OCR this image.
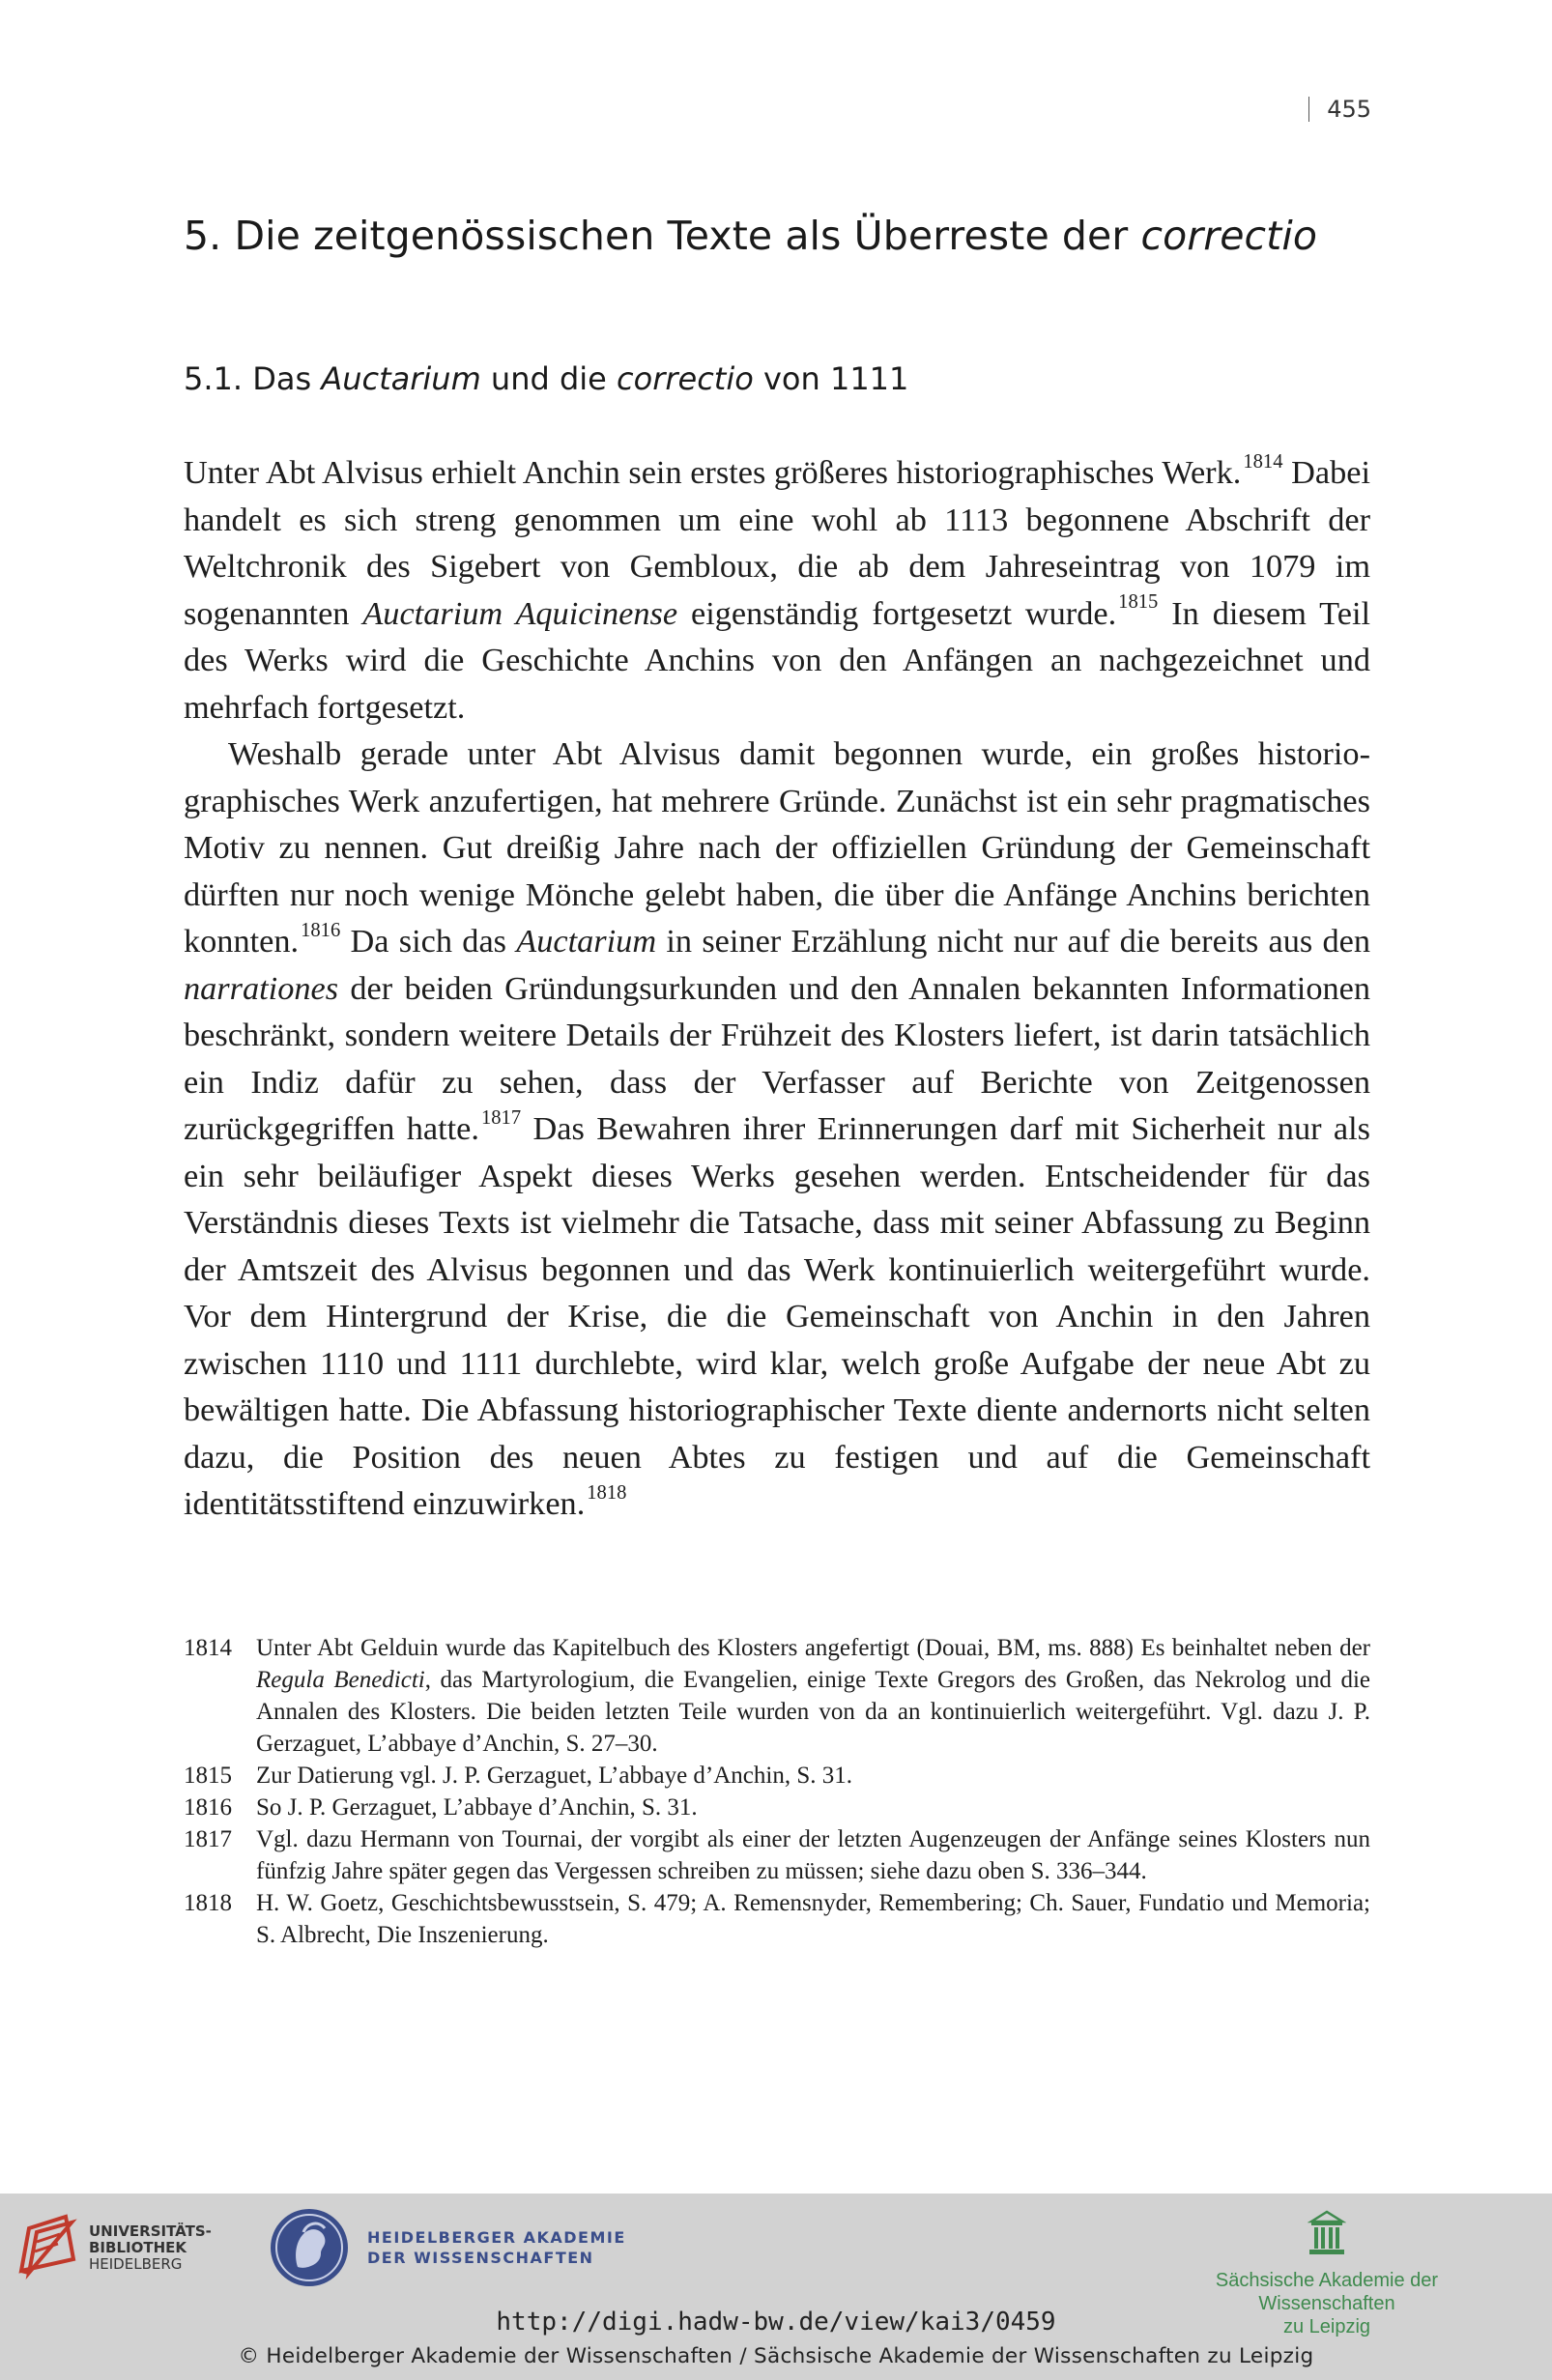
455
5. Die zeitgenössischen Texte als Überreste der correctio
5.1. Das Auctarium und die correctio von 1111

Unter Abt Alvisus erhielt Anchin sein erstes größeres historiographisches Werk.$^{1814}$ Dabei handelt es sich streng genommen um eine wohl ab 1113 begonnene Abschrift der Weltchronik des Sigebert von Gembloux, die ab dem Jahreseintrag von 1079 im sogenannten Auctarium Aquicinense eigenständig fortgesetzt wurde.$^{1815}$ In diesem Teil des Werks wird die Geschichte Anchins von den Anfängen an nachgezeichnet und mehrfach fortgesetzt.

Weshalb gerade unter Abt Alvisus damit begonnen wurde, ein großes historiographisches Werk anzufertigen, hat mehrere Gründe. Zunächst ist ein sehr pragmatisches Motiv zu nennen. Gut dreißig Jahre nach der offiziellen Gründung der Gemeinschaft dürften nur noch wenige Mönche gelebt haben, die über die Anfänge Anchins berichten konnten.$^{1816}$ Da sich das Auctarium in seiner Erzählung nicht nur auf die bereits aus den narrationes der beiden Gründungsurkunden und den Annalen bekannten Informationen beschränkt, sondern weitere Details der Frühzeit des Klosters liefert, ist darin tatsächlich ein Indiz dafür zu sehen, dass der Verfasser auf Berichte von Zeitgenossen zurückgegriffen hatte.$^{1817}$ Das Bewahren ihrer Erinnerungen darf mit Sicherheit nur als ein sehr beiläufiger Aspekt dieses Werks gesehen werden. Entscheidender für das Verständnis dieses Texts ist vielmehr die Tatsache, dass mit seiner Abfassung zu Beginn der Amtszeit des Alvisus begonnen und das Werk kontinuierlich weitergeführt wurde. Vor dem Hintergrund der Krise, die die Gemeinschaft von Anchin in den Jahren zwischen 1110 und 1111 durchlebte, wird klar, welch große Aufgabe der neue Abt zu bewältigen hatte. Die Abfassung historiographischer Texte diente andernorts nicht selten dazu, die Position des neuen Abtes zu festigen und auf die Gemeinschaft identitätsstiftend einzuwirken.$^{1818}$

1814	Unter Abt Gelduin wurde das Kapitelbuch des Klosters angefertigt (Douai, BM, ms. 888) Es beinhaltet neben der Regula Benedicti, das Martyrologium, die Evangelien, einige Texte Gregors des Großen, das Nekrolog und die Annalen des Klosters. Die beiden letzten Teile wurden von da an kontinuierlich weitergeführt. Vgl. dazu J. P. Gerzaguet, L’abbaye d’Anchin, S. 27–30.
1815	Zur Datierung vgl. J. P. Gerzaguet, L’abbaye d’Anchin, S. 31.
1816	So J. P. Gerzaguet, L’abbaye d’Anchin, S. 31.
1817	Vgl. dazu Hermann von Tournai, der vorgibt als einer der letzten Augenzeugen der Anfänge seines Klosters nun fünfzig Jahre später gegen das Vergessen schreiben zu müssen; siehe dazu oben S. 336–344.
1818	H. W. Goetz, Geschichtsbewusstsein, S. 479; A. Remensnyder, Remembering; Ch. Sauer, Fundatio und Memoria; S. Albrecht, Die Inszenierung.
UNIVERSITÄTS-
BIBLIOTHEK
HEIDELBERG
HEIDELBERGER AKADEMIE
DER WISSENSCHAFTEN
Sächsische Akademie der Wissenschaften
zu Leipzig
http://digi.hadw-bw.de/view/kai3/0459
© Heidelberger Akademie der Wissenschaften / Sächsische Akademie der Wissenschaften zu Leipzig
